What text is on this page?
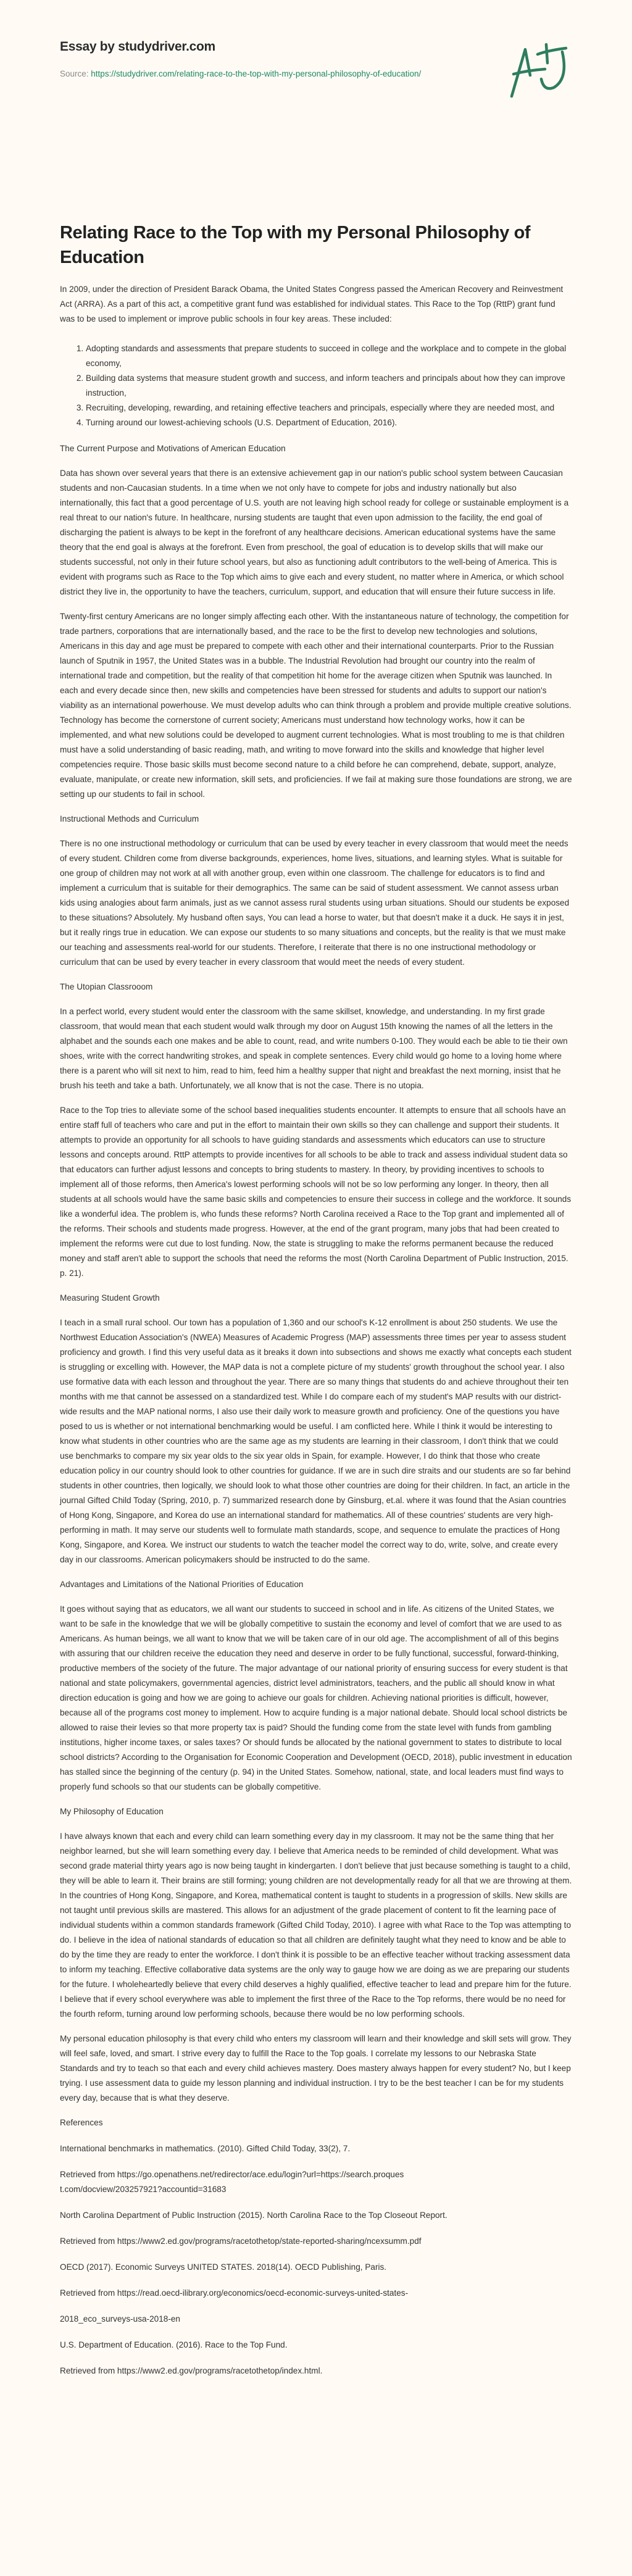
Essay by studydriver.com

Source: https://studydriver.com/relating-race-to-the-top-with-my-personal-philosophy-of-education/
Relating Race to the Top with my Personal Philosophy of Education

In 2009, under the direction of President Barack Obama, the United States Congress passed the American Recovery and Reinvestment Act (ARRA). As a part of this act, a competitive grant fund was established for individual states. This Race to the Top (RttP) grant fund was to be used to implement or improve public schools in four key areas. These included:

1. Adopting standards and assessments that prepare students to succeed in college and the workplace and to compete in the global economy,
2. Building data systems that measure student growth and success, and inform teachers and principals about how they can improve instruction,
3. Recruiting, developing, rewarding, and retaining effective teachers and principals, especially where they are needed most, and
4. Turning around our lowest-achieving schools (U.S. Department of Education, 2016).

The Current Purpose and Motivations of American Education

Data has shown over several years that there is an extensive achievement gap in our nation's public school system between Caucasian students and non-Caucasian students. In a time when we not only have to compete for jobs and industry nationally but also internationally, this fact that a good percentage of U.S. youth are not leaving high school ready for college or sustainable employment is a real threat to our nation's future. In healthcare, nursing students are taught that even upon admission to the facility, the end goal of discharging the patient is always to be kept in the forefront of any healthcare decisions. American educational systems have the same theory that the end goal is always at the forefront. Even from preschool, the goal of education is to develop skills that will make our students successful, not only in their future school years, but also as functioning adult contributors to the well-being of America. This is evident with programs such as Race to the Top which aims to give each and every student, no matter where in America, or which school district they live in, the opportunity to have the teachers, curriculum, support, and education that will ensure their future success in life.

Twenty-first century Americans are no longer simply affecting each other. With the instantaneous nature of technology, the competition for trade partners, corporations that are internationally based, and the race to be the first to develop new technologies and solutions, Americans in this day and age must be prepared to compete with each other and their international counterparts. Prior to the Russian launch of Sputnik in 1957, the United States was in a bubble. The Industrial Revolution had brought our country into the realm of international trade and competition, but the reality of that competition hit home for the average citizen when Sputnik was launched. In each and every decade since then, new skills and competencies have been stressed for students and adults to support our nation's viability as an international powerhouse. We must develop adults who can think through a problem and provide multiple creative solutions. Technology has become the cornerstone of current society; Americans must understand how technology works, how it can be implemented, and what new solutions could be developed to augment current technologies. What is most troubling to me is that children must have a solid understanding of basic reading, math, and writing to move forward into the skills and knowledge that higher level competencies require. Those basic skills must become second nature to a child before he can comprehend, debate, support, analyze, evaluate, manipulate, or create new information, skill sets, and proficiencies. If we fail at making sure those foundations are strong, we are setting up our students to fail in school.

Instructional Methods and Curriculum

There is no one instructional methodology or curriculum that can be used by every teacher in every classroom that would meet the needs of every student. Children come from diverse backgrounds, experiences, home lives, situations, and learning styles. What is suitable for one group of children may not work at all with another group, even within one classroom. The challenge for educators is to find and implement a curriculum that is suitable for their demographics. The same can be said of student assessment. We cannot assess urban kids using analogies about farm animals, just as we cannot assess rural students using urban situations. Should our students be exposed to these situations? Absolutely. My husband often says, You can lead a horse to water, but that doesn't make it a duck. He says it in jest, but it really rings true in education. We can expose our students to so many situations and concepts, but the reality is that we must make our teaching and assessments real-world for our students. Therefore, I reiterate that there is no one instructional methodology or curriculum that can be used by every teacher in every classroom that would meet the needs of every student.

The Utopian Classrooom

In a perfect world, every student would enter the classroom with the same skillset, knowledge, and understanding. In my first grade classroom, that would mean that each student would walk through my door on August 15th knowing the names of all the letters in the alphabet and the sounds each one makes and be able to count, read, and write numbers 0-100. They would each be able to tie their own shoes, write with the correct handwriting strokes, and speak in complete sentences. Every child would go home to a loving home where there is a parent who will sit next to him, read to him, feed him a healthy supper that night and breakfast the next morning, insist that he brush his teeth and take a bath. Unfortunately, we all know that is not the case. There is no utopia.

Race to the Top tries to alleviate some of the school based inequalities students encounter. It attempts to ensure that all schools have an entire staff full of teachers who care and put in the effort to maintain their own skills so they can challenge and support their students. It attempts to provide an opportunity for all schools to have guiding standards and assessments which educators can use to structure lessons and concepts around. RttP attempts to provide incentives for all schools to be able to track and assess individual student data so that educators can further adjust lessons and concepts to bring students to mastery. In theory, by providing incentives to schools to implement all of those reforms, then America's lowest performing schools will not be so low performing any longer. In theory, then all students at all schools would have the same basic skills and competencies to ensure their success in college and the workforce. It sounds like a wonderful idea. The problem is, who funds these reforms? North Carolina received a Race to the Top grant and implemented all of the reforms. Their schools and students made progress. However, at the end of the grant program, many jobs that had been created to implement the reforms were cut due to lost funding. Now, the state is struggling to make the reforms permanent because the reduced money and staff aren't able to support the schools that need the reforms the most (North Carolina Department of Public Instruction, 2015. p. 21).

Measuring Student Growth

I teach in a small rural school. Our town has a population of 1,360 and our school's K-12 enrollment is about 250 students. We use the Northwest Education Association's (NWEA) Measures of Academic Progress (MAP) assessments three times per year to assess student proficiency and growth. I find this very useful data as it breaks it down into subsections and shows me exactly what concepts each student is struggling or excelling with. However, the MAP data is not a complete picture of my students' growth throughout the school year. I also use formative data with each lesson and throughout the year. There are so many things that students do and achieve throughout their ten months with me that cannot be assessed on a standardized test. While I do compare each of my student's MAP results with our district-wide results and the MAP national norms, I also use their daily work to measure growth and proficiency. One of the questions you have posed to us is whether or not international benchmarking would be useful. I am conflicted here. While I think it would be interesting to know what students in other countries who are the same age as my students are learning in their classroom, I don't think that we could use benchmarks to compare my six year olds to the six year olds in Spain, for example. However, I do think that those who create education policy in our country should look to other countries for guidance. If we are in such dire straits and our students are so far behind students in other countries, then logically, we should look to what those other countries are doing for their children. In fact, an article in the journal Gifted Child Today (Spring, 2010, p. 7) summarized research done by Ginsburg, et.al. where it was found that the Asian countries of Hong Kong, Singapore, and Korea do use an international standard for mathematics. All of these countries' students are very high-performing in math. It may serve our students well to formulate math standards, scope, and sequence to emulate the practices of Hong Kong, Singapore, and Korea. We instruct our students to watch the teacher model the correct way to do, write, solve, and create every day in our classrooms. American policymakers should be instructed to do the same.

Advantages and Limitations of the National Priorities of Education

It goes without saying that as educators, we all want our students to succeed in school and in life. As citizens of the United States, we want to be safe in the knowledge that we will be globally competitive to sustain the economy and level of comfort that we are used to as Americans. As human beings, we all want to know that we will be taken care of in our old age. The accomplishment of all of this begins with assuring that our children receive the education they need and deserve in order to be fully functional, successful, forward-thinking, productive members of the society of the future. The major advantage of our national priority of ensuring success for every student is that national and state policymakers, governmental agencies, district level administrators, teachers, and the public all should know in what direction education is going and how we are going to achieve our goals for children. Achieving national priorities is difficult, however, because all of the programs cost money to implement. How to acquire funding is a major national debate. Should local school districts be allowed to raise their levies so that more property tax is paid? Should the funding come from the state level with funds from gambling institutions, higher income taxes, or sales taxes? Or should funds be allocated by the national government to states to distribute to local school districts? According to the Organisation for Economic Cooperation and Development (OECD, 2018), public investment in education has stalled since the beginning of the century (p. 94) in the United States. Somehow, national, state, and local leaders must find ways to properly fund schools so that our students can be globally competitive.

My Philosophy of Education

I have always known that each and every child can learn something every day in my classroom. It may not be the same thing that her neighbor learned, but she will learn something every day. I believe that America needs to be reminded of child development. What was second grade material thirty years ago is now being taught in kindergarten. I don't believe that just because something is taught to a child, they will be able to learn it. Their brains are still forming; young children are not developmentally ready for all that we are throwing at them. In the countries of Hong Kong, Singapore, and Korea, mathematical content is taught to students in a progression of skills. New skills are not taught until previous skills are mastered. This allows for an adjustment of the grade placement of content to fit the learning pace of individual students within a common standards framework (Gifted Child Today, 2010). I agree with what Race to the Top was attempting to do. I believe in the idea of national standards of education so that all children are definitely taught what they need to know and be able to do by the time they are ready to enter the workforce. I don't think it is possible to be an effective teacher without tracking assessment data to inform my teaching. Effective collaborative data systems are the only way to gauge how we are doing as we are preparing our students for the future. I wholeheartedly believe that every child deserves a highly qualified, effective teacher to lead and prepare him for the future. I believe that if every school everywhere was able to implement the first three of the Race to the Top reforms, there would be no need for the fourth reform, turning around low performing schools, because there would be no low performing schools.

My personal education philosophy is that every child who enters my classroom will learn and their knowledge and skill sets will grow. They will feel safe, loved, and smart. I strive every day to fulfill the Race to the Top goals. I correlate my lessons to our Nebraska State Standards and try to teach so that each and every child achieves mastery. Does mastery always happen for every student? No, but I keep trying. I use assessment data to guide my lesson planning and individual instruction. I try to be the best teacher I can be for my students every day, because that is what they deserve.

References

International benchmarks in mathematics. (2010). Gifted Child Today, 33(2), 7.

Retrieved from https://go.openathens.net/redirector/ace.edu/login?url=https://search.proquest.com/docview/203257921?accountid=31683

North Carolina Department of Public Instruction (2015). North Carolina Race to the Top Closeout Report.

Retrieved from https://www2.ed.gov/programs/racetothetop/state-reported-sharing/ncexsumm.pdf

OECD (2017). Economic Surveys UNITED STATES. 2018(14). OECD Publishing, Paris.

Retrieved from https://read.oecd-ilibrary.org/economics/oecd-economic-surveys-united-states-

2018_eco_surveys-usa-2018-en

U.S. Department of Education. (2016). Race to the Top Fund.

Retrieved from https://www2.ed.gov/programs/racetothetop/index.html.
